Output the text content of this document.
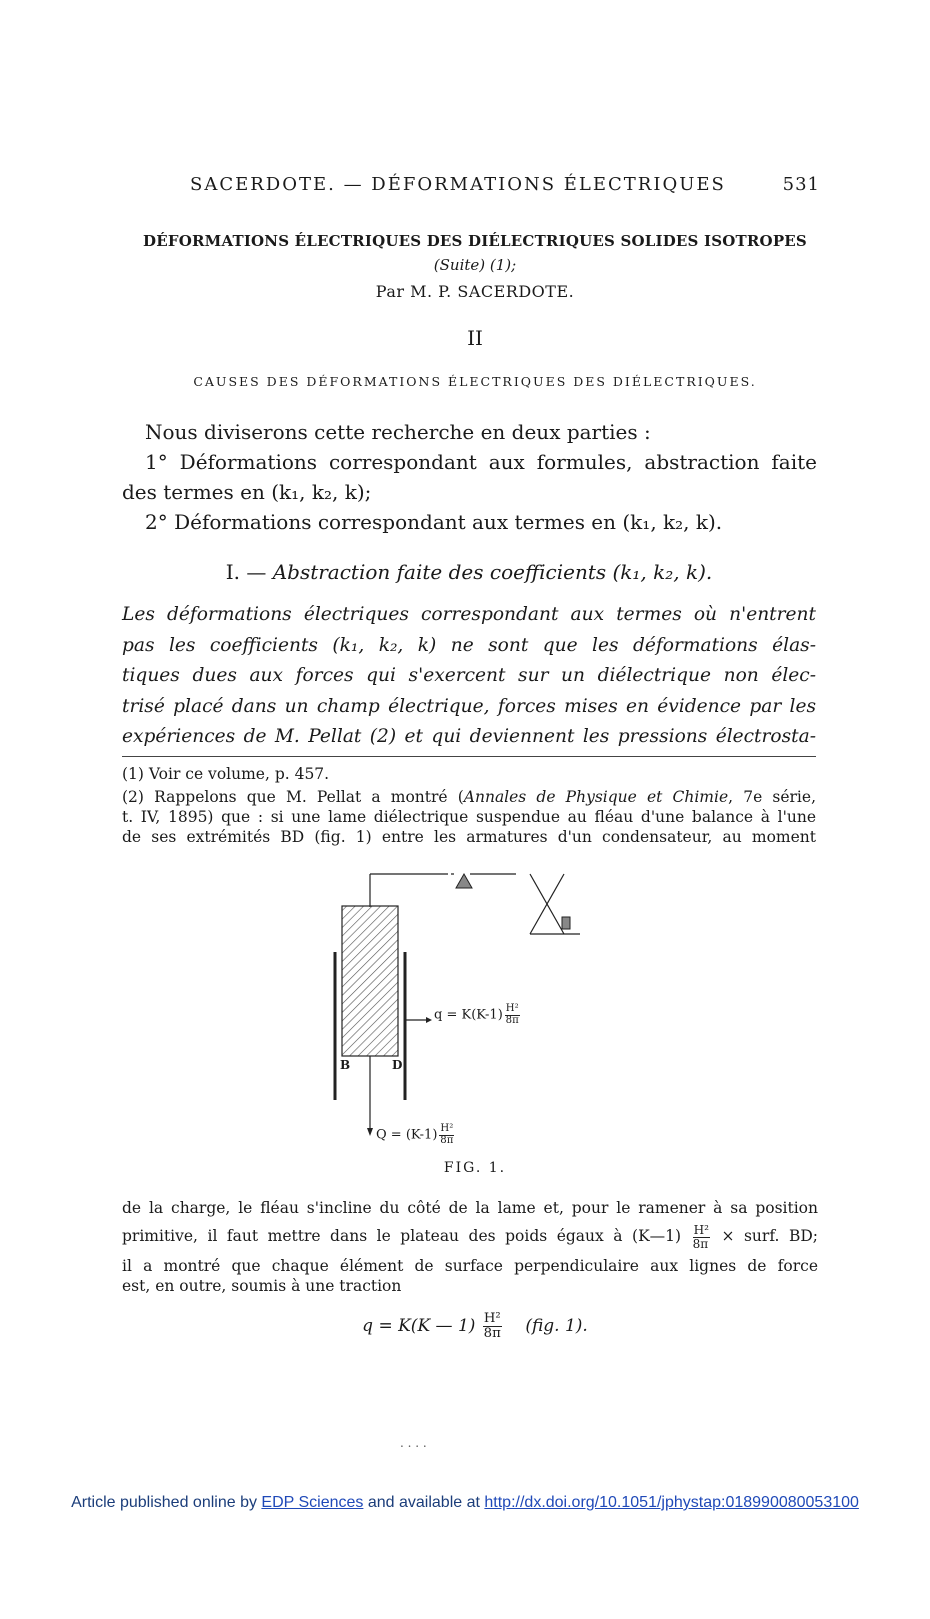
SACERDOTE. — DÉFORMATIONS ÉLECTRIQUES	531
DÉFORMATIONS ÉLECTRIQUES DES DIÉLECTRIQUES SOLIDES ISOTROPES
(Suite) (1);
Par M. P. SACERDOTE.
II
CAUSES DES DÉFORMATIONS ÉLECTRIQUES DES DIÉLECTRIQUES.
Nous diviserons cette recherche en deux parties :
1° Déformations correspondant aux formules, abstraction faite
des termes en (k₁, k₂, k);
2° Déformations correspondant aux termes en (k₁, k₂, k).
I. — Abstraction faite des coefficients (k₁, k₂, k).
Les déformations électriques correspondant aux termes où n'entrent
pas les coefficients (k₁, k₂, k) ne sont que les déformations élas-
tiques dues aux forces qui s'exercent sur un diélectrique non élec-
trisé placé dans un champ électrique, forces mises en évidence par les
expériences de M. Pellat (2) et qui deviennent les pressions électrosta-
(1) Voir ce volume, p. 457.
(2) Rappelons que M. Pellat a montré (Annales de Physique et Chimie, 7e série,
t. IV, 1895) que : si une lame diélectrique suspendue au fléau d'une balance à l'une
de ses extrémités BD (fig. 1) entre les armatures d'un condensateur, au moment
$q = K(K-1) \frac{\text{H²}}{8\pi}$
$Q = (K-1) \frac{\text{H²}}{8\pi}$
B	D
FIG. 1.
de la charge, le fléau s'incline du côté de la lame et, pour le ramener à sa position
primitive, il faut mettre dans le plateau des poids égaux à (K—1) $\frac{\text{H²}}{8\pi}$ × surf. BD;
il a montré que chaque élément de surface perpendiculaire aux lignes de force
est, en outre, soumis à une traction
q = K(K — $1) \frac{\text{H²}}{8\pi} (fig$. 1).
. . . .
Article published online by EDP Sciences and available at http://dx.doi.org/10.1051/jphystap:018990080053100
